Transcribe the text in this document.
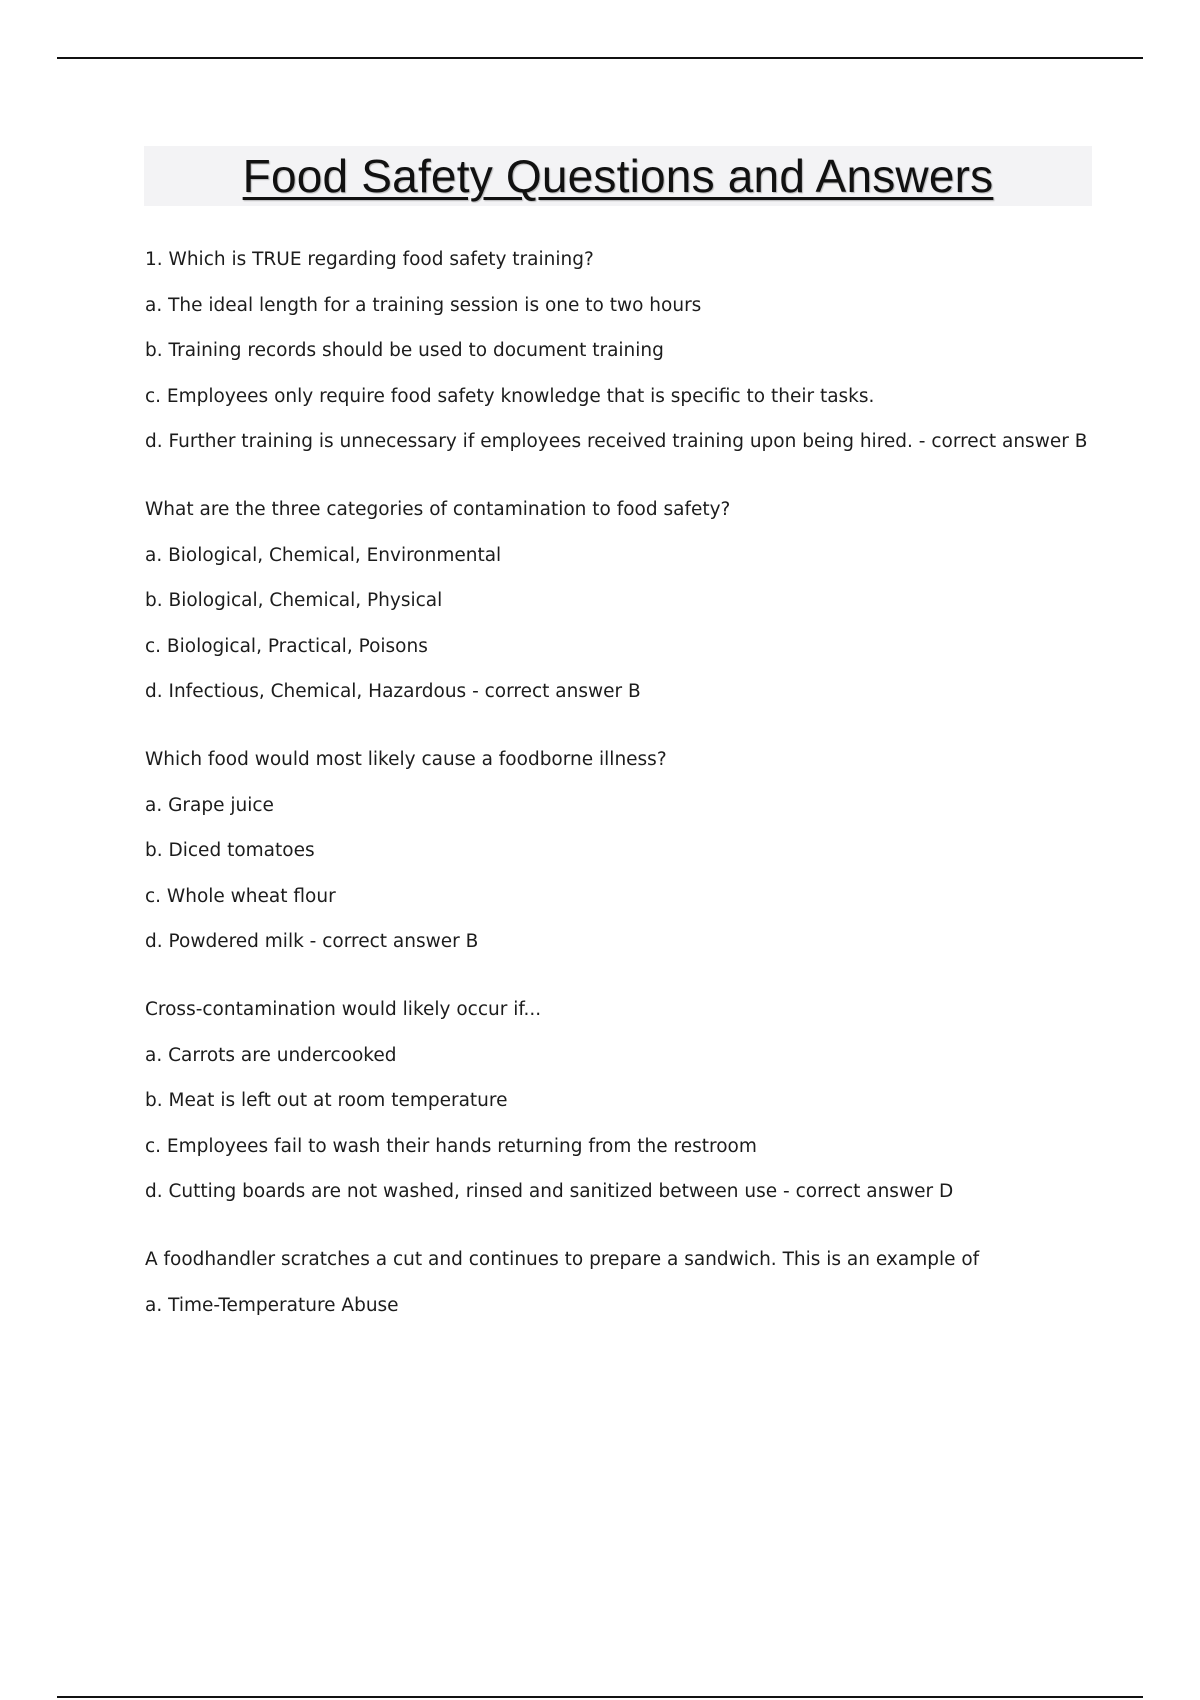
Food Safety Questions and Answers
1. Which is TRUE regarding food safety training?
a. The ideal length for a training session is one to two hours
b. Training records should be used to document training
c. Employees only require food safety knowledge that is specific to their tasks.
d. Further training is unnecessary if employees received training upon being hired. - correct answer B
What are the three categories of contamination to food safety?
a. Biological, Chemical, Environmental
b. Biological, Chemical, Physical
c. Biological, Practical, Poisons
d. Infectious, Chemical, Hazardous - correct answer B
Which food would most likely cause a foodborne illness?
a. Grape juice
b. Diced tomatoes
c. Whole wheat flour
d. Powdered milk - correct answer B
Cross-contamination would likely occur if...
a. Carrots are undercooked
b. Meat is left out at room temperature
c. Employees fail to wash their hands returning from the restroom
d. Cutting boards are not washed, rinsed and sanitized between use - correct answer D
A foodhandler scratches a cut and continues to prepare a sandwich. This is an example of
a. Time-Temperature Abuse
